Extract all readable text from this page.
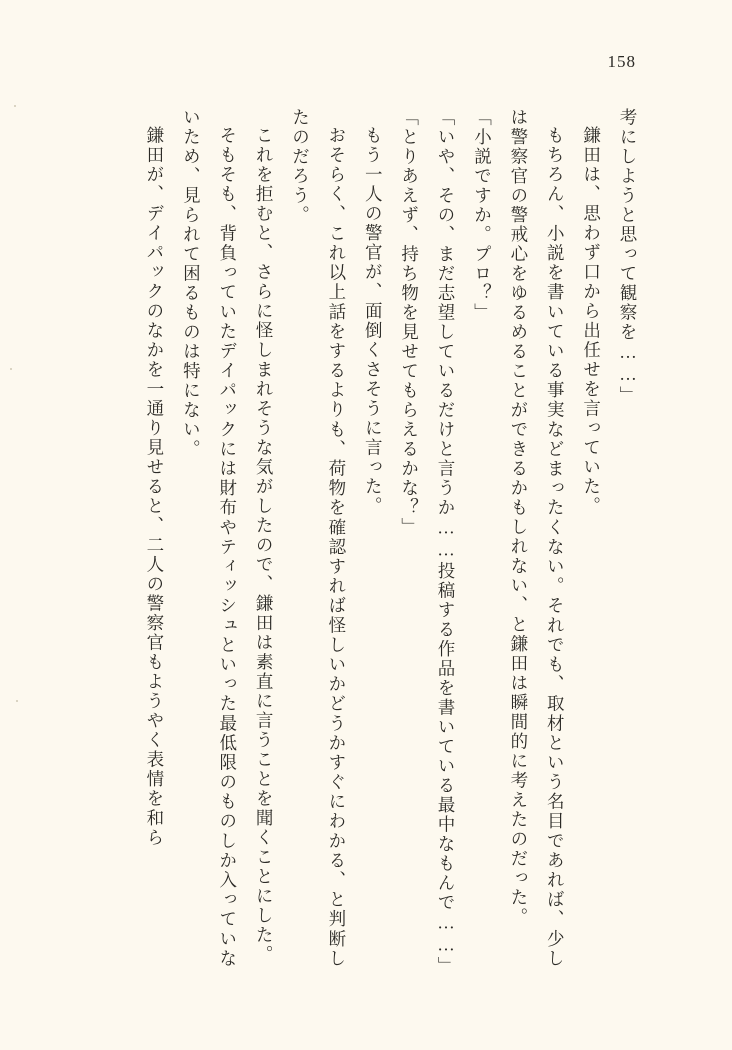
158

考にしようと思って観察を……」

鎌田は、思わず口から出任せを言っていた。

もちろん、小説を書いている事実などまったくない。それでも、取材という名目であれば、少しは警察官の警戒心をゆるめることができるかもしれない、と鎌田は瞬間的に考えたのだった。

「小説ですか。プロ？」

「いや、その、まだ志望しているだけと言うか……投稿する作品を書いている最中なもんで……」

「とりあえず、持ち物を見せてもらえるかな？」

もう一人の警官が、面倒くさそうに言った。

おそらく、これ以上話をするよりも、荷物を確認すれば怪しいかどうかすぐにわかる、と判断したのだろう。

これを拒むと、さらに怪しまれそうな気がしたので、鎌田は素直に言うことを聞くことにした。

そもそも、背負っていたデイパックには財布やティッシュといった最低限のものしか入っていないため、見られて困るものは特にない。

鎌田が、デイパックのなかを一通り見せると、二人の警察官もようやく表情を和ら
